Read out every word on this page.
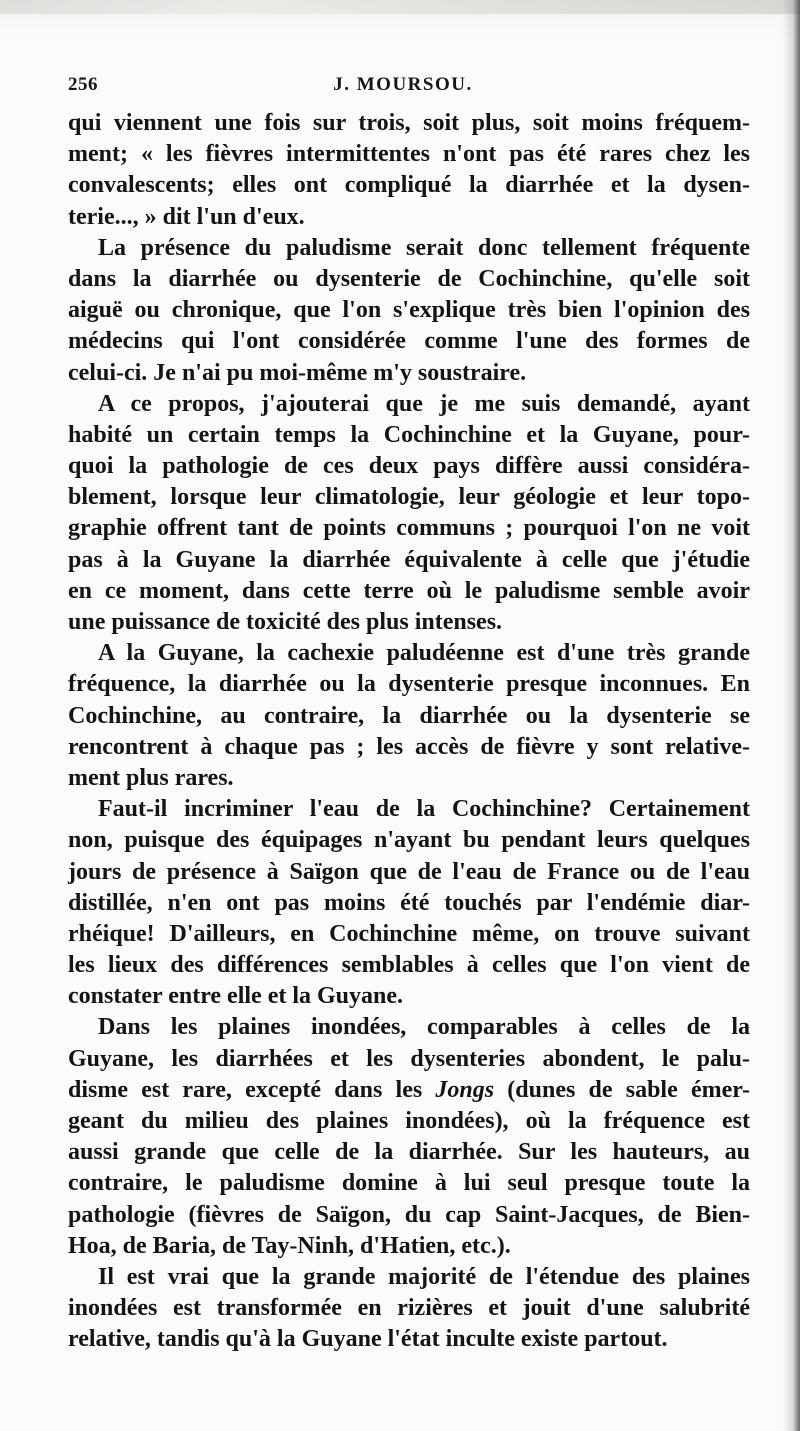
256	J. MOURSOU.
qui viennent une fois sur trois, soit plus, soit moins fréquem-
ment; « les fièvres intermittentes n'ont pas été rares chez les
convalescents; elles ont compliqué la diarrhée et la dysen-
terie..., » dit l'un d'eux.
La présence du paludisme serait donc tellement fréquente
dans la diarrhée ou dysenterie de Cochinchine, qu'elle soit
aiguë ou chronique, que l'on s'explique très bien l'opinion des
médecins qui l'ont considérée comme l'une des formes de
celui-ci. Je n'ai pu moi-même m'y soustraire.
A ce propos, j'ajouterai que je me suis demandé, ayant
habité un certain temps la Cochinchine et la Guyane, pour-
quoi la pathologie de ces deux pays diffère aussi considéra-
blement, lorsque leur climatologie, leur géologie et leur topo-
graphie offrent tant de points communs ; pourquoi l'on ne voit
pas à la Guyane la diarrhée équivalente à celle que j'étudie
en ce moment, dans cette terre où le paludisme semble avoir
une puissance de toxicité des plus intenses.
A la Guyane, la cachexie paludéenne est d'une très grande
fréquence, la diarrhée ou la dysenterie presque inconnues. En
Cochinchine, au contraire, la diarrhée ou la dysenterie se
rencontrent à chaque pas ; les accès de fièvre y sont relative-
ment plus rares.
Faut-il incriminer l'eau de la Cochinchine? Certainement
non, puisque des équipages n'ayant bu pendant leurs quelques
jours de présence à Saïgon que de l'eau de France ou de l'eau
distillée, n'en ont pas moins été touchés par l'endémie diar-
rhéique! D'ailleurs, en Cochinchine même, on trouve suivant
les lieux des différences semblables à celles que l'on vient de
constater entre elle et la Guyane.
Dans les plaines inondées, comparables à celles de la
Guyane, les diarrhées et les dysenteries abondent, le palu-
disme est rare, excepté dans les Jongs (dunes de sable émer-
geant du milieu des plaines inondées), où la fréquence est
aussi grande que celle de la diarrhée. Sur les hauteurs, au
contraire, le paludisme domine à lui seul presque toute la
pathologie (fièvres de Saïgon, du cap Saint-Jacques, de Bien-
Hoa, de Baria, de Tay-Ninh, d'Hatien, etc.).
Il est vrai que la grande majorité de l'étendue des plaines
inondées est transformée en rizières et jouit d'une salubrité
relative, tandis qu'à la Guyane l'état inculte existe partout.
